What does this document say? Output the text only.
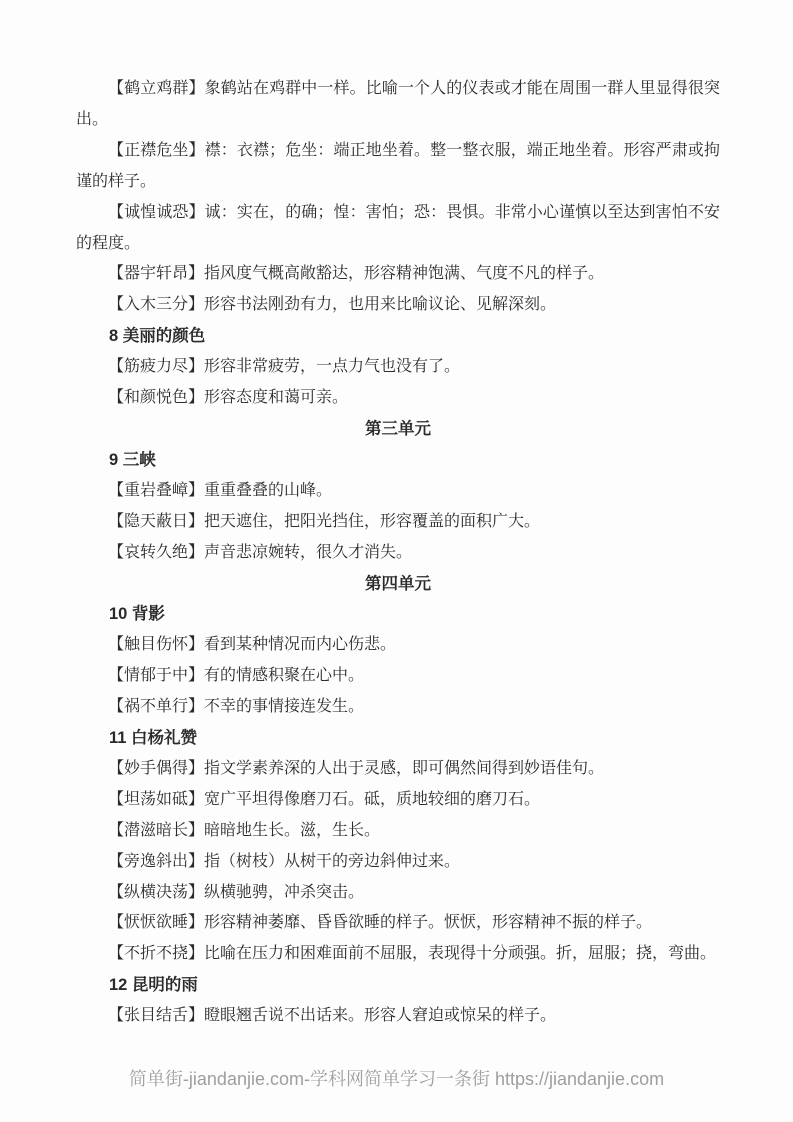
【鹤立鸡群】象鹤站在鸡群中一样。比喻一个人的仪表或才能在周围一群人里显得很突出。

【正襟危坐】襟：衣襟；危坐：端正地坐着。整一整衣服，端正地坐着。形容严肃或拘谨的样子。

【诚惶诚恐】诚：实在，的确；惶：害怕；恐：畏惧。非常小心谨慎以至达到害怕不安的程度。

【器宇轩昂】指风度气概高敞豁达，形容精神饱满、气度不凡的样子。

【入木三分】形容书法刚劲有力，也用来比喻议论、见解深刻。

8 美丽的颜色

【筋疲力尽】形容非常疲劳，一点力气也没有了。

【和颜悦色】形容态度和蔼可亲。

第三单元

9 三峡

【重岩叠嶂】重重叠叠的山峰。

【隐天蔽日】把天遮住，把阳光挡住，形容覆盖的面积广大。

【哀转久绝】声音悲凉婉转，很久才消失。

第四单元

10 背影

【触目伤怀】看到某种情况而内心伤悲。

【情郁于中】有的情感积聚在心中。

【祸不单行】不幸的事情接连发生。

11 白杨礼赞

【妙手偶得】指文学素养深的人出于灵感，即可偶然间得到妙语佳句。

【坦荡如砥】宽广平坦得像磨刀石。砥，质地较细的磨刀石。

【潜滋暗长】暗暗地生长。滋，生长。

【旁逸斜出】指（树枝）从树干的旁边斜伸过来。

【纵横决荡】纵横驰骋，冲杀突击。

【恹恹欲睡】形容精神萎靡、昏昏欲睡的样子。恹恹，形容精神不振的样子。

【不折不挠】比喻在压力和困难面前不屈服，表现得十分顽强。折，屈服；挠，弯曲。

12 昆明的雨

【张目结舌】瞪眼翘舌说不出话来。形容人窘迫或惊呆的样子。

简单街-jiandanjie.com-学科网简单学习一条街 https://jiandanjie.com
